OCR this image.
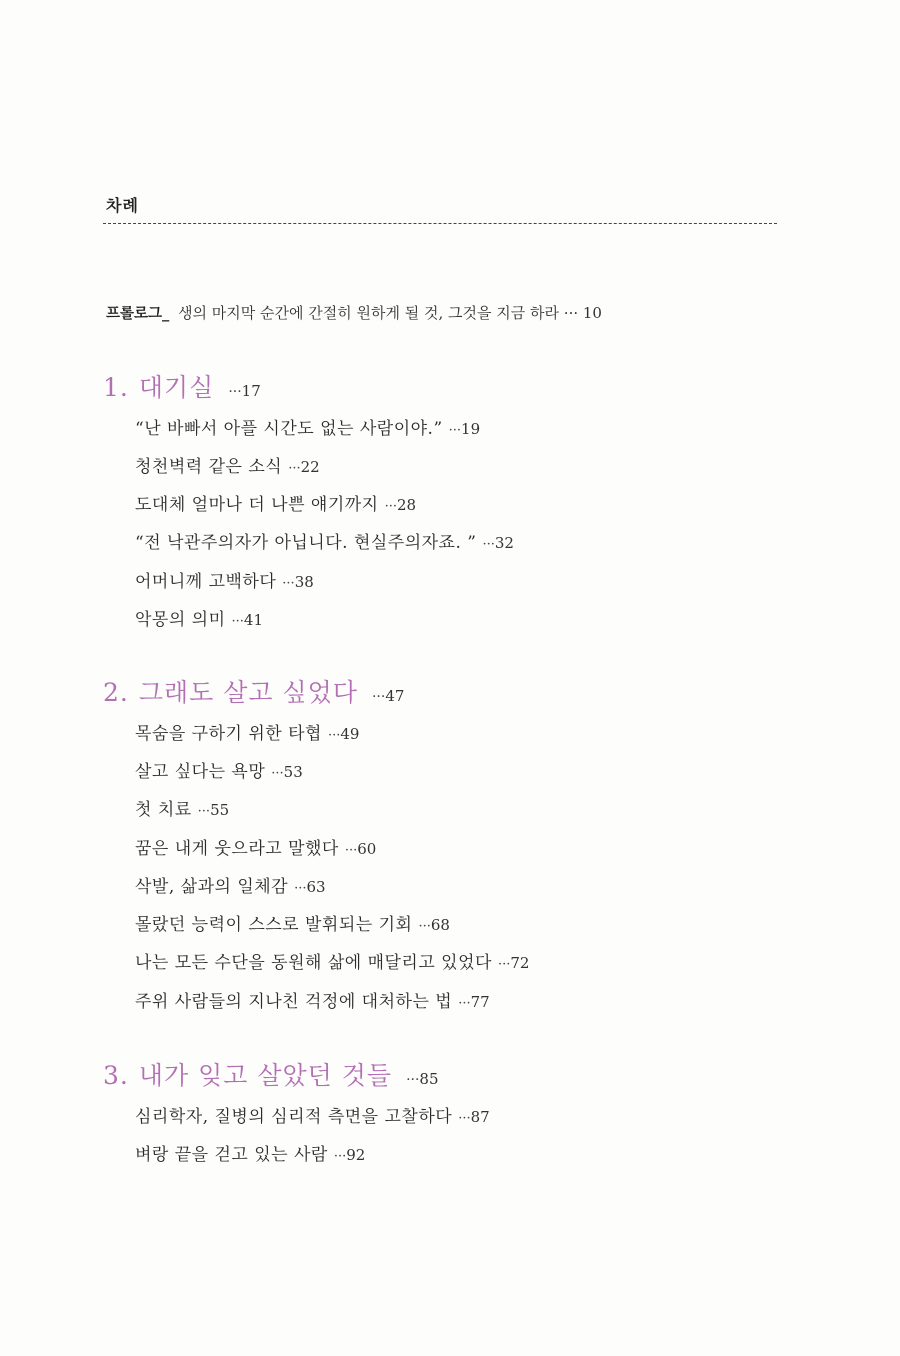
차례
프롤로그_ 생의 마지막 순간에 간절히 원하게 될 것, 그것을 지금 하라 ··· 10
1. 대기실 ···17
“난 바빠서 아플 시간도 없는 사람이야.” ···19
청천벽력 같은 소식 ···22
도대체 얼마나 더 나쁜 얘기까지 ···28
“전 낙관주의자가 아닙니다. 현실주의자죠. ” ···32
어머니께 고백하다 ···38
악몽의 의미 ···41
2. 그래도 살고 싶었다 ···47
목숨을 구하기 위한 타협 ···49
살고 싶다는 욕망 ···53
첫 치료 ···55
꿈은 내게 웃으라고 말했다 ···60
삭발, 삶과의 일체감 ···63
몰랐던 능력이 스스로 발휘되는 기회 ···68
나는 모든 수단을 동원해 삶에 매달리고 있었다 ···72
주위 사람들의 지나친 걱정에 대처하는 법 ···77
3. 내가 잊고 살았던 것들 ···85
심리학자, 질병의 심리적 측면을 고찰하다 ···87
벼랑 끝을 걷고 있는 사람 ···92
